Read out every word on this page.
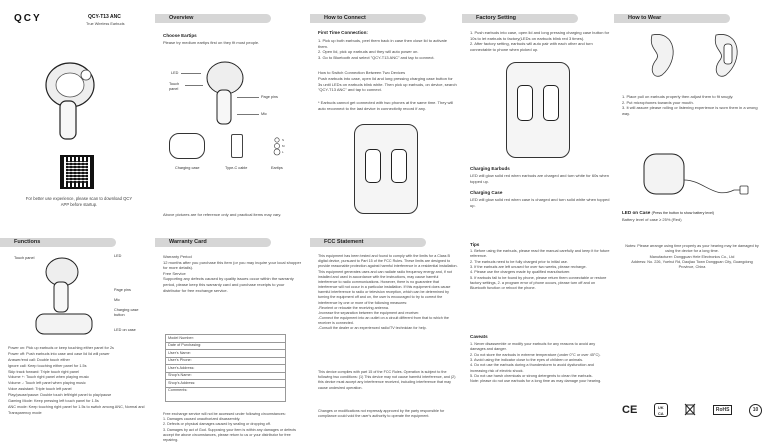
QCY	QCY-T13 ANC
True Wireless Earbuds
For better use experience, please scan to download QCY APP before startup.
Overview
Choose Eartips
Please try medium eartips first on they fit most people.
LED
Touch panel
Page pins
Mic
S
M
L
Charging case	Type-C cable	Eartips
Above pictures are for reference only and practical items may vary.
How to Connect
First Time Connection:
1. Pick up both earbuds, peel them back in case then close lid to activate them.
2. Open lid, pick up earbuds and they will auto power on.
3. Go to Bluetooth and select "QCY-T13 ANC" and tap to connect.
How to Switch Connection Between Two Devices
Push earbuds into case, open lid and long pressing charging case button for 3s until LEDs on earbuds blink white. Then pick up earbuds, on device, search "QCY-T13 ANC" and tap to connect.
* Earbuds cannot get connected with two phones at the same time. They will auto reconnect to the last device in connectivity record if any.
Factory Setting
1. Push earbuds into case, open lid and long pressing charging case button for 10s to let earbuds to factory(LEDs on earbuds blink red 3 times).
2. After factory setting, earbuds will auto pair with each other and turn connectable to phone when picked up.
Charging Earbuds
LED will glow solid red when earbuds are charged and turn white for 60s when topped up.
Charging Case
LED will glow solid red when case is charged and turn solid white when topped up.
How to Wear
1. Place pull on earbuds properly then adjust them to fit snugly.
2. Put microphones towards your mouth.
3. It will assure please rolling or listening experience is worn them in a wrong way.
LED on Case (Press the button to show battery level)
Battery level of case ≥ 25% (Red)
Functions
Touch panel	LED
Page pins
Mic
Charging case button
LED on case
Power on: Pick up earbuds or keep touching either panel for 2s
Power off: Push earbuds into case and case lid lid will power
Answer/end call: Double touch either
Ignore call: Keep touching either panel for 1.5s
Skip track forward: Triple touch right panel
Volume +: Touch right panel when playing music
Volume -: Touch left panel when playing music
Voice assistant: Triple touch left panel
Play/pause/pause: Double touch left/right panel to play/pause
Gaming Mode: Keep pressing left touch panel for 1.5s
ANC mode: Keep touching right panel for 1.5s to switch among ANC, Normal and Transparency mode
Warranty Card
Warranty Period
12 months after you purchase this item (or you may inquire your local shopper for more details).
Free Service
Supporting any defects caused by quality issues occur within the warranty period, please keep this warranty card and purchase receipts to your distributor for free exchange service.
Model Number:
Date of Purchasing:
User's Name:
User's Phone:
User's Address:
Shop's Name:
Shop's Address:
Comments:
Free exchange service will not be accessed under following circumstances:
1. Damages caused unauthorized disassembly.
2. Defects or physical damages caused by sealing or dropping off.
3. Damages by act of God. Supposing your item is within any damages or defects accept the above circumstances, please return to us or your distributor for free repairing.
FCC Statement
This equipment has been tested and found to comply with the limits for a Class B digital device, pursuant to Part 15 of the FCC Rules. These limits are designed to provide reasonable protection against harmful interference in a residential installation. This equipment generates uses and can radiate radio frequency energy and, if not installed and used in accordance with the instructions, may cause harmful interference to radio communications. However, there is no guarantee that interference will not occur in a particular installation. If this equipment does cause harmful interference to radio or television reception, which can be determined by turning the equipment off and on, the user is encouraged to try to correct the interference by one or more of the following measures:
-Reorient or relocate the receiving antenna.
-Increase the separation between the equipment and receiver.
-Connect the equipment into an outlet on a circuit different from that to which the receiver is connected.
-Consult the dealer or an experienced radio/TV technician for help.
This device complies with part 15 of the FCC Rules. Operation is subject to the following two conditions: (1) This device may not cause harmful interference, and (2) this device must accept any interference received, including interference that may cause undesired operation.
Changes or modifications not expressly approved by the party responsible for compliance could void the user's authority to operate the equipment.
Tips
1. Before using the earbuds, please read the manual carefully and keep it for future reference.
2. The earbuds need to be fully charged prior to initial use.
3. If the earbuds are left unused for over two weeks, please recharge.
4. Please use the chargers made by qualified manufacturer.
5. If earbuds fail to be found by phone, please return them connectable or restore factory settings, 2. a program error of phone occurs, please turn off and on Bluetooth function or reboot the phone.
Caveats
1. Never disassemble or modify your earbuds for any reasons to avoid any damages and danger.
2. Do not store the earbuds in extreme temperature (under 0°C or over 45°C).
3. Avoid using the indicator close to the eyes of children or animals.
4. Do not use the earbuds during a thunderstorm to avoid dysfunction and increasing risk of electric shock.
5. Do not use harsh chemicals or strong detergents to clean the earbuds.
Note: please do not use earbuds for a long time as may damage your hearing.
Notes: Please arrange using time properly as your hearing may be damaged by using the device for a long time.
Manufacturer: Dongguan Hele Electronics Co., Ltd
Address: No. 226, Yuehui Rd, Daojiao Town Dongguan City, Guangdong Province, China
CE	UK
CA
RoHS	10
